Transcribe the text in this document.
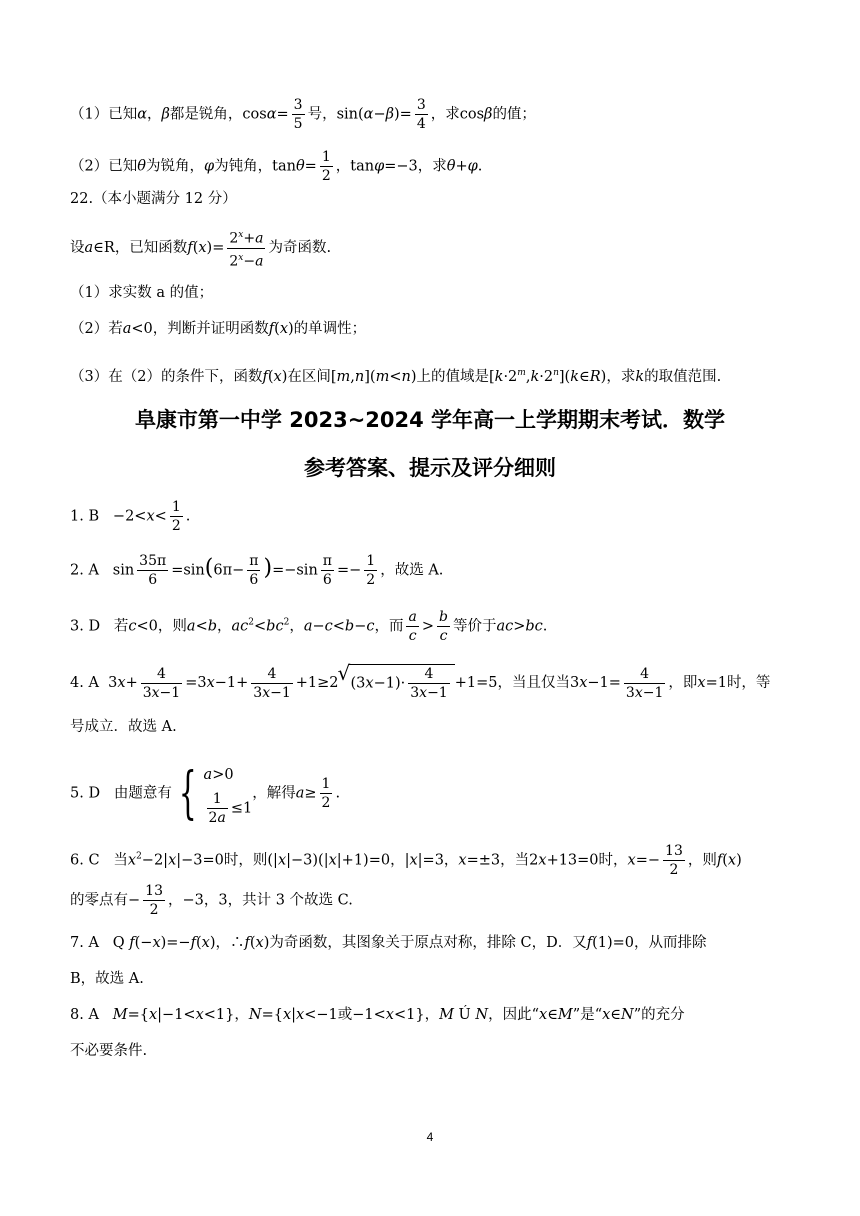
（1）已知α，β都是锐角，$\cos\alpha= \frac{3}{5}$ 号，$\sin(\alpha-\beta)= \frac{3}{4}$ ，求cosβ的值；
（2）已知θ为锐角，φ为钝角，$\tan\theta= \frac{1}{2}$ ，tanφ=−3，求θ+φ.
22.（本小题满分 12 分）
设a∈R，已知函数$f(x)= \frac{2^x+a}{2^x-a}$ 为奇函数.
（1）求实数 a 的值；
（2）若a<0，判断并证明函数f(x)的单调性；
（3）在（2）的条件下，函数f(x)在区间[m,n](m<n)上的值域是$[k\cdot 2^m,k\cdot 2^n](k\in R)$，求k的取值范围.
阜康市第一中学 2023~2024 学年高一上学期期末考试．数学
参考答案、提示及评分细则
1. $B -2<x< \frac{1}{2}$ .
2. A   $\sin \frac{35\pi}{6} =\sin(6\pi- \frac{\pi}{6} )=-\sin \frac{\pi}{6} =- \frac{1}{2}$ ，故选 A.
3. D 若c<0，则a<b，$ac^2<bc^2$，a−c<b−c，而 $\frac{a}{c} > \frac{b}{c}$ 等价于ac>bc.
4. A  $3x+ \frac{4}{3x-1} =3x-1+ \frac{4}{3x-1} +1\ge 2√$ $(3x-1)\cdot \frac{4}{3x-1} +1=5$，当且仅当$3x-1= \frac{4}{3x-1}$ ，即x=1时，等
号成立．故选 A.
5. D 由题意有 { a>0
$\frac{1}{2a} \le 1$
，解得$a\ge \frac{1}{2}$ .
6. C 当$x^2-2|x|-3=0$时，则(|x|−3)(|x|+1)=0，|x|=3，x=±3，当2x+13=0时，$x=- \frac{13}{2}$ ，则f(x)
的零点有− $\frac{13}{2}$ ，−3，3，共计 3 个故选 C.
7. A   Q f(−x)=−f(x)，∴f(x)为奇函数，其图象关于原点对称，排除 C，D．又f(1)=0，从而排除
B，故选 A.
8. A M={x|−1<x<1}，N={x|x<−1或−1<x<1}，M Ú N，因此“x∈M”是“x∈N”的充分
不必要条件.
4
